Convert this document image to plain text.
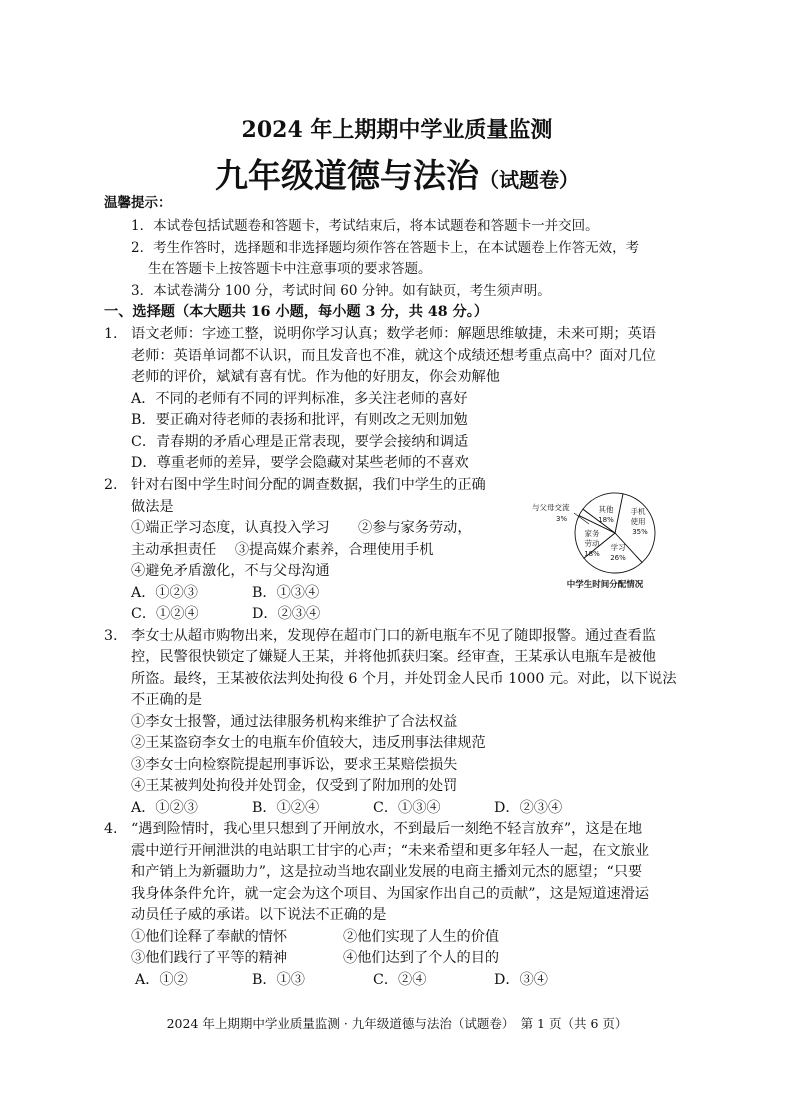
2024 年上期期中学业质量监测
九年级道德与法治（试题卷）
温馨提示：
1．本试卷包括试题卷和答题卡，考试结束后，将本试题卷和答题卡一并交回。
2．考生作答时，选择题和非选择题均须作答在答题卡上，在本试题卷上作答无效，考
生在答题卡上按答题卡中注意事项的要求答题。
3．本试卷满分 100 分，考试时间 60 分钟。如有缺页，考生须声明。
一、选择题（本大题共 16 小题，每小题 3 分，共 48 分。）
1. 语文老师：字迹工整，说明你学习认真；数学老师：解题思维敏捷，未来可期；英语
老师：英语单词都不认识，而且发音也不准，就这个成绩还想考重点高中？面对几位
老师的评价，斌斌有喜有忧。作为他的好朋友，你会劝解他
A．不同的老师有不同的评判标准，多关注老师的喜好
B．要正确对待老师的表扬和批评，有则改之无则加勉
C．青春期的矛盾心理是正常表现，要学会接纳和调适
D．尊重老师的差异，要学会隐藏对某些老师的不喜欢
2. 针对右图中学生时间分配的调查数据，我们中学生的正确
做法是
①端正学习态度，认真投入学习　　②参与家务劳动，
主动承担责任　 ③提高媒介素养，合理使用手机
④避免矛盾激化，不与父母沟通
A．①②③	B．①③④
C．①②④	D．②③④
手机
使用
35%
学习
26%
家务
劳动
18%
与父母交流
3%
其他
18%
中学生时间分配情况
3. 李女士从超市购物出来，发现停在超市门口的新电瓶车不见了随即报警。通过查看监
控，民警很快锁定了嫌疑人王某，并将他抓获归案。经审查，王某承认电瓶车是被他
所盗。最终，王某被依法判处拘役 6 个月，并处罚金人民币 1000 元。对此，以下说法
不正确的是
①李女士报警，通过法律服务机构来维护了合法权益
②王某盗窃李女士的电瓶车价值较大，违反刑事法律规范
③李女士向检察院提起刑事诉讼，要求王某赔偿损失
④王某被判处拘役并处罚金，仅受到了附加刑的处罚
A．①②③	B．①②④	C．①③④	D．②③④
4. “遇到险情时，我心里只想到了开闸放水，不到最后一刻绝不轻言放弃”，这是在地
震中逆行开闸泄洪的电站职工甘宇的心声；“未来希望和更多年轻人一起，在文旅业
和产销上为新疆助力”，这是拉动当地农副业发展的电商主播刘元杰的愿望；“只要
我身体条件允许，就一定会为这个项目、为国家作出自己的贡献”，这是短道速滑运
动员任子威的承诺。以下说法不正确的是
①他们诠释了奉献的情怀	②他们实现了人生的价值
③他们践行了平等的精神	④他们达到了个人的目的
A．①②	B．①③	C．②④	D．③④
2024 年上期期中学业质量监测 · 九年级道德与法治（试题卷）　第 1 页（共 6 页）
